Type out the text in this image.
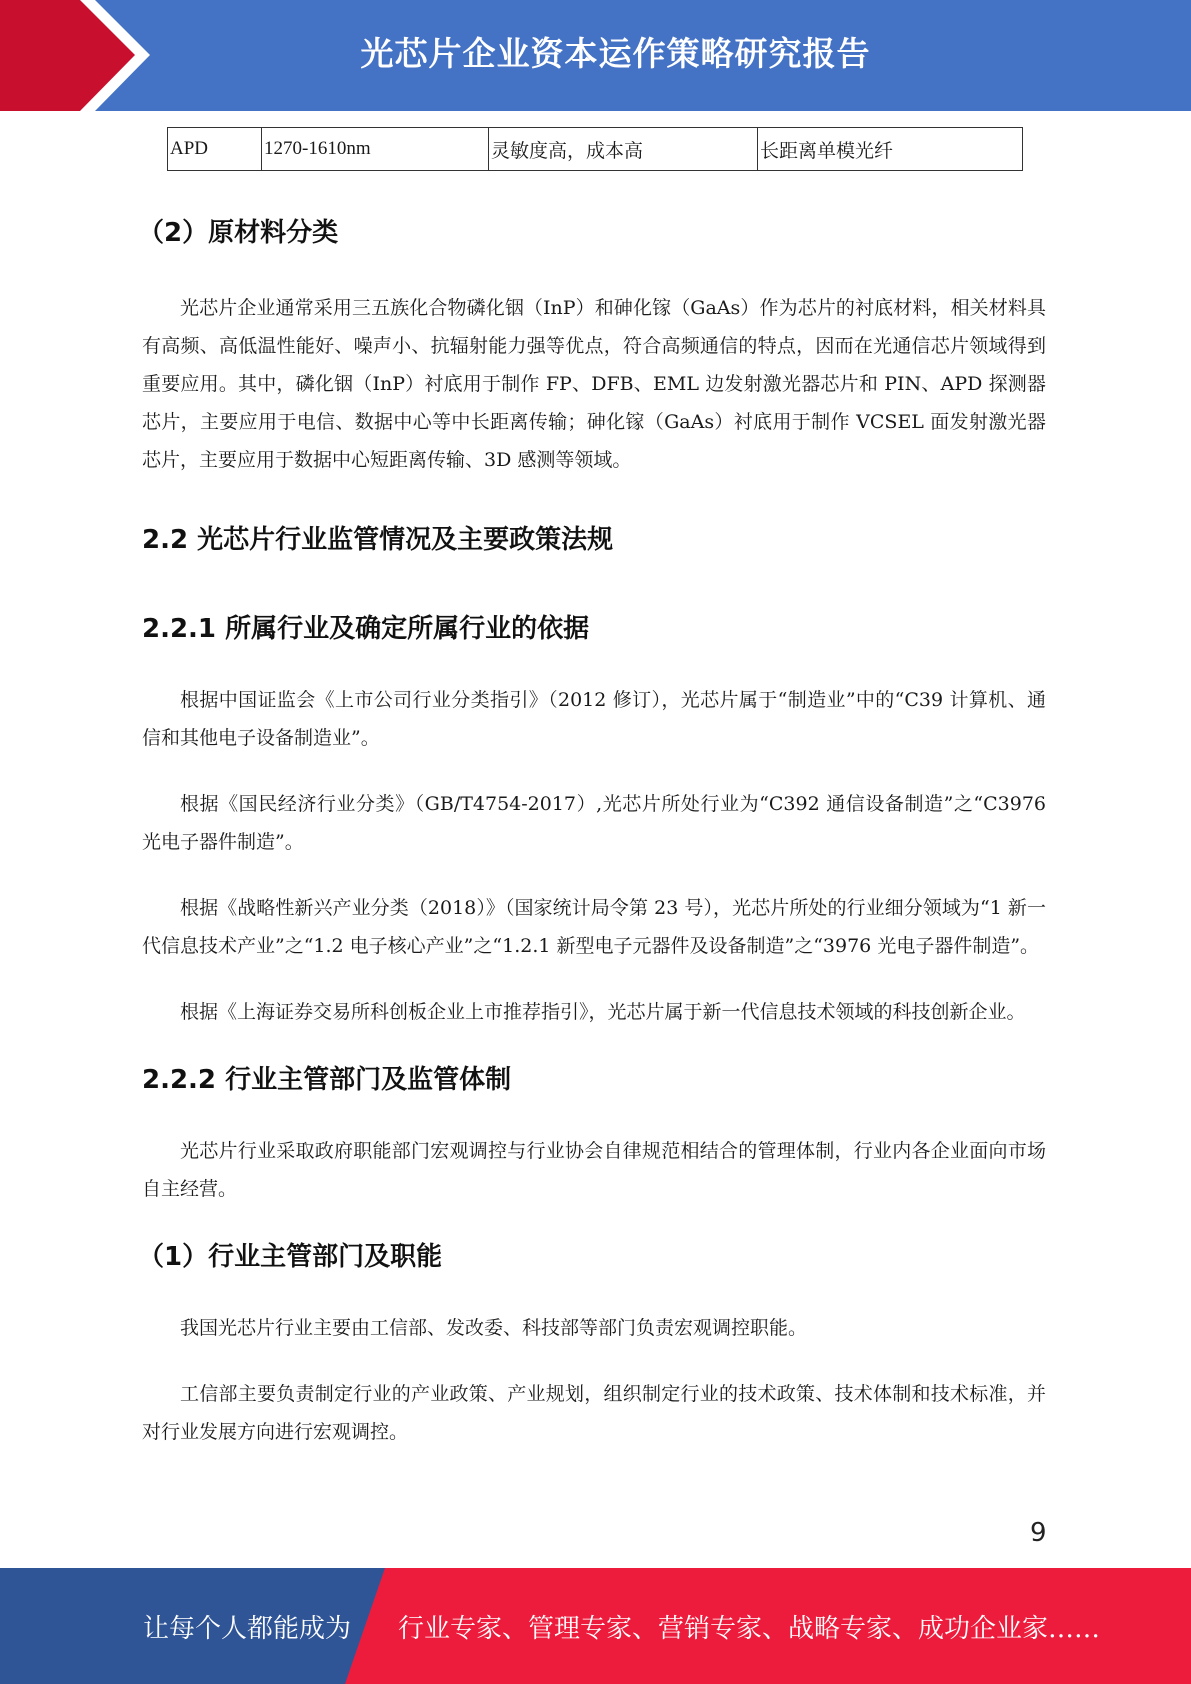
光芯片企业资本运作策略研究报告
APD	1270-1610nm	灵敏度高，成本高	长距离单模光纤
（2）原材料分类

光芯片企业通常采用三五族化合物磷化铟（InP）和砷化镓（GaAs）作为芯片的衬底材料，相关材料具有高频、高低温性能好、噪声小、抗辐射能力强等优点，符合高频通信的特点，因而在光通信芯片领域得到重要应用。其中，磷化铟（InP）衬底用于制作 FP、DFB、EML 边发射激光器芯片和 PIN、APD 探测器芯片，主要应用于电信、数据中心等中长距离传输；砷化镓（GaAs）衬底用于制作 VCSEL 面发射激光器芯片，主要应用于数据中心短距离传输、3D 感测等领域。

2.2 光芯片行业监管情况及主要政策法规
2.2.1 所属行业及确定所属行业的依据

根据中国证监会《上市公司行业分类指引》（2012 修订），光芯片属于“制造业”中的“C39 计算机、通信和其他电子设备制造业”。

根据《国民经济行业分类》（GB/T4754-2017）,光芯片所处行业为“C392 通信设备制造”之“C3976 光电子器件制造”。

根据《战略性新兴产业分类（2018）》（国家统计局令第 23 号），光芯片所处的行业细分领域为“1 新一代信息技术产业”之“1.2 电子核心产业”之“1.2.1 新型电子元器件及设备制造”之“3976 光电子器件制造”。

根据《上海证券交易所科创板企业上市推荐指引》，光芯片属于新一代信息技术领域的科技创新企业。

2.2.2 行业主管部门及监管体制

光芯片行业采取政府职能部门宏观调控与行业协会自律规范相结合的管理体制，行业内各企业面向市场自主经营。

（1）行业主管部门及职能

我国光芯片行业主要由工信部、发改委、科技部等部门负责宏观调控职能。

工信部主要负责制定行业的产业政策、产业规划，组织制定行业的技术政策、技术体制和技术标准，并对行业发展方向进行宏观调控。

9
让每个人都能成为 行业专家、管理专家、营销专家、战略专家、成功企业家……
